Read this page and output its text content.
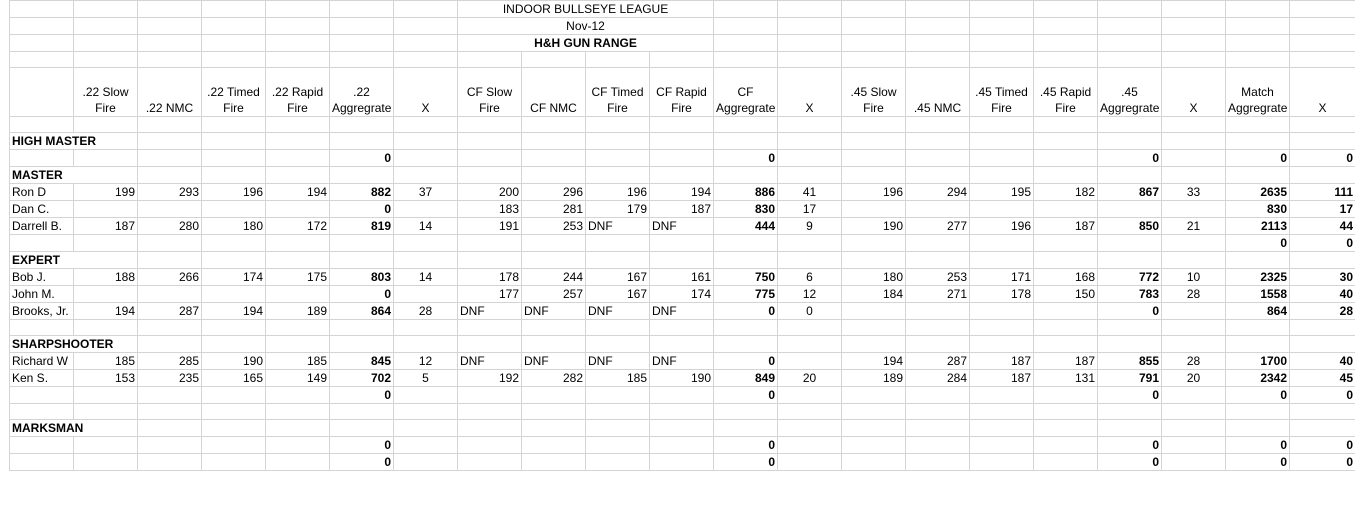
							INDOOR BULLSEYE LEAGUE													
							Nov-12													
							H&H GUN RANGE													

	.22 Slow Fire	.22 NMC	.22 Timed Fire	.22 Rapid Fire	.22 Aggregrate	X	CF Slow Fire	CF NMC	CF Timed Fire	CF Rapid Fire	CF Aggregrate	X	.45 Slow Fire	.45 NMC	.45 Timed Fire	.45 Rapid Fire	.45 Aggregrate	X	Match Aggregrate	X

HIGH MASTER																				
					0						0						0		0	0
MASTER																				
Ron D	199	293	196	194	882	37	200	296	196	194	886	41	196	294	195	182	867	33	2635	111
Dan C.					0		183	281	179	187	830	17							830	17
Darrell B.	187	280	180	172	819	14	191	253	DNF	DNF	444	9	190	277	196	187	850	21	2113	44
																			0	0
EXPERT																				
Bob J.	188	266	174	175	803	14	178	244	167	161	750	6	180	253	171	168	772	10	2325	30
John M.					0		177	257	167	174	775	12	184	271	178	150	783	28	1558	40
Brooks, Jr.	194	287	194	189	864	28	DNF	DNF	DNF	DNF	0	0					0		864	28

SHARPSHOOTER																				
Richard W	185	285	190	185	845	12	DNF	DNF	DNF	DNF	0		194	287	187	187	855	28	1700	40
Ken S.	153	235	165	149	702	5	192	282	185	190	849	20	189	284	187	131	791	20	2342	45
					0						0						0		0	0

MARKSMAN																				
					0						0						0		0	0
					0						0						0		0	0
